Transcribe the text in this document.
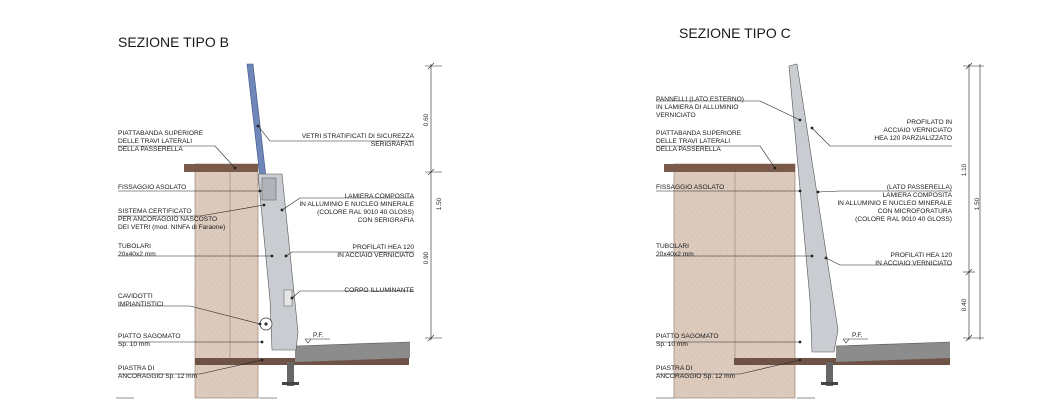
SEZIONE TIPO B
P.F.
0.60
1.50
0.90
SEZIONE TIPO C
P.F.
1.10
1.50
0.40
PIATTABANDA SUPERIORE DELLE TRAVI LATERALI DELLA PASSERELLA
FISSAGGIO ASOLATO
SISTEMA CERTIFICATO PER ANCORAGGIO NASCOSTO DEI VETRI (mod. NINFA di Faraone)
TUBOLARI 20x40x2 mm
CAVIDOTTI IMPIANTISTICI
PIATTO SAGOMATO Sp. 10 mm
PIASTRA DI ANCORAGGIO Sp. 12 mm
VETRI STRATIFICATI DI SICUREZZA SERIGRAFATI
LAMIERA COMPOSITA IN ALLUMINIO E NUCLEO MINERALE (COLORE RAL 9010 40 GLOSS) CON SERIGRAFIA
PROFILATI HEA 120 IN ACCIAIO VERNICIATO
CORPO ILLUMINANTE
PANNELLI (LATO ESTERNO) IN LAMIERA DI ALLUMINIO VERNICIATO
PIATTABANDA SUPERIORE DELLE TRAVI LATERALI DELLA PASSERELLA
FISSAGGIO ASOLATO
TUBOLARI 20x40x2 mm
PIATTO SAGOMATO Sp. 10 mm
PIASTRA DI ANCORAGGIO Sp. 12 mm
PROFILATO IN ACCIAIO VERNICIATO HEA 120 PARZIALIZZATO
(LATO PASSERELLA) LAMIERA COMPOSITA IN ALLUMINIO E NUCLEO MINERALE CON MICROFORATURA (COLORE RAL 9010 40 GLOSS)
PROFILATI HEA 120 IN ACCIAIO VERNICIATO
